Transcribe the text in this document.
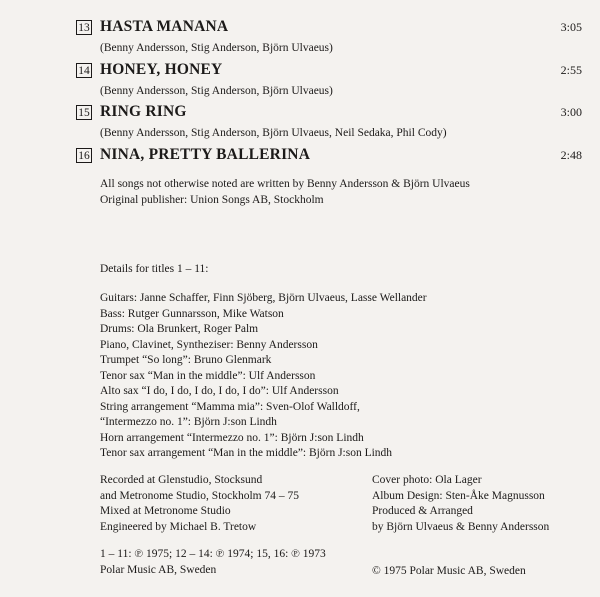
13 HASTA MANANA	3:05
(Benny Andersson, Stig Anderson, Björn Ulvaeus)
14 HONEY, HONEY	2:55
(Benny Andersson, Stig Anderson, Björn Ulvaeus)
15 RING RING	3:00
(Benny Andersson, Stig Anderson, Björn Ulvaeus, Neil Sedaka, Phil Cody)
16 NINA, PRETTY BALLERINA	2:48
All songs not otherwise noted are written by Benny Andersson & Björn Ulvaeus
Original publisher: Union Songs AB, Stockholm
Details for titles 1 – 11:
Guitars: Janne Schaffer, Finn Sjöberg, Björn Ulvaeus, Lasse Wellander
Bass: Rutger Gunnarsson, Mike Watson
Drums: Ola Brunkert, Roger Palm
Piano, Clavinet, Syntheziser: Benny Andersson
Trumpet “So long”: Bruno Glenmark
Tenor sax “Man in the middle”: Ulf Andersson
Alto sax “I do, I do, I do, I do, I do”: Ulf Andersson
String arrangement “Mamma mia”: Sven-Olof Walldoff,
“Intermezzo no. 1”: Björn J:son Lindh
Horn arrangement “Intermezzo no. 1”: Björn J:son Lindh
Tenor sax arrangement “Man in the middle”: Björn J:son Lindh
Recorded at Glenstudio, Stocksund
and Metronome Studio, Stockholm 74 – 75
Mixed at Metronome Studio
Engineered by Michael B. Tretow
Cover photo: Ola Lager
Album Design: Sten-Åke Magnusson
Produced & Arranged
by Björn Ulvaeus & Benny Andersson
1 – 11: ℗ 1975; 12 – 14: ℗ 1974; 15, 16: ℗ 1973
Polar Music AB, Sweden	© 1975 Polar Music AB, Sweden
